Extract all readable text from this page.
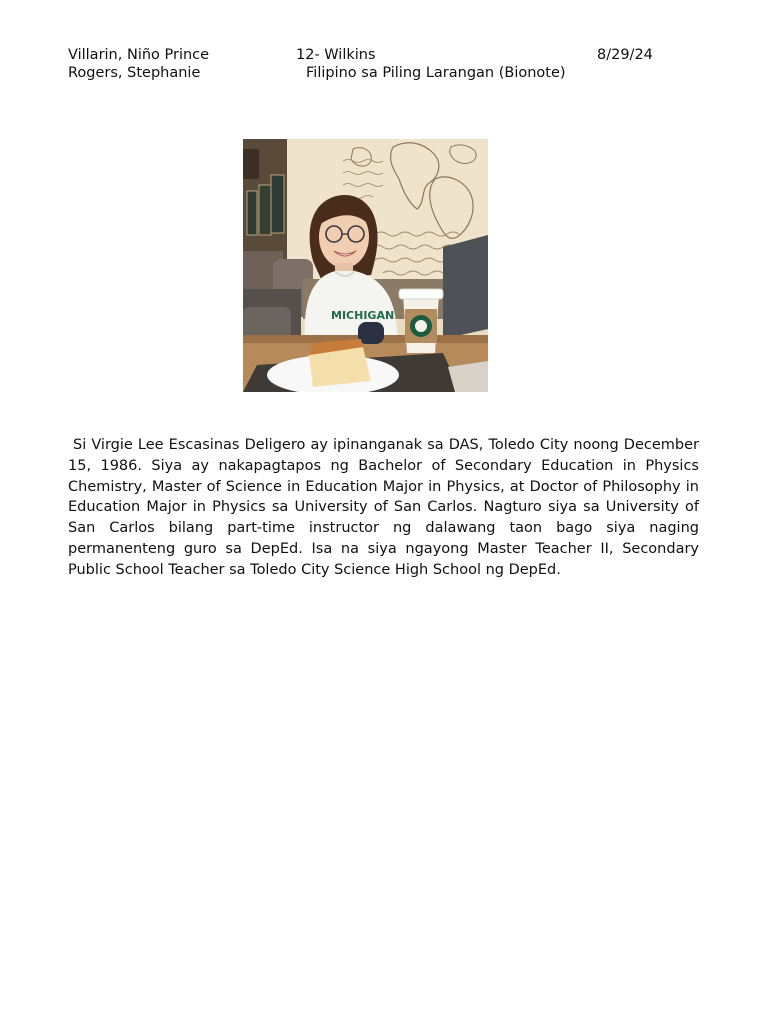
Villarin, Niño Prince
Rogers, Stephanie
12- Wilkins
Filipino sa Piling Larangan (Bionote)
8/29/24
MICHIGAN

Si Virgie Lee Escasinas Deligero ay ipinanganak sa DAS, Toledo City noong December 15, 1986. Siya ay nakapagtapos ng Bachelor of Secondary Education in Physics Chemistry, Master of Science in Education Major in Physics, at Doctor of Philosophy in Education Major in Physics sa University of San Carlos. Nagturo siya sa University of San Carlos bilang part-time instructor ng dalawang taon bago siya naging permanenteng guro sa DepEd. Isa na siya ngayong Master Teacher II, Secondary Public School Teacher sa Toledo City Science High School ng DepEd.
